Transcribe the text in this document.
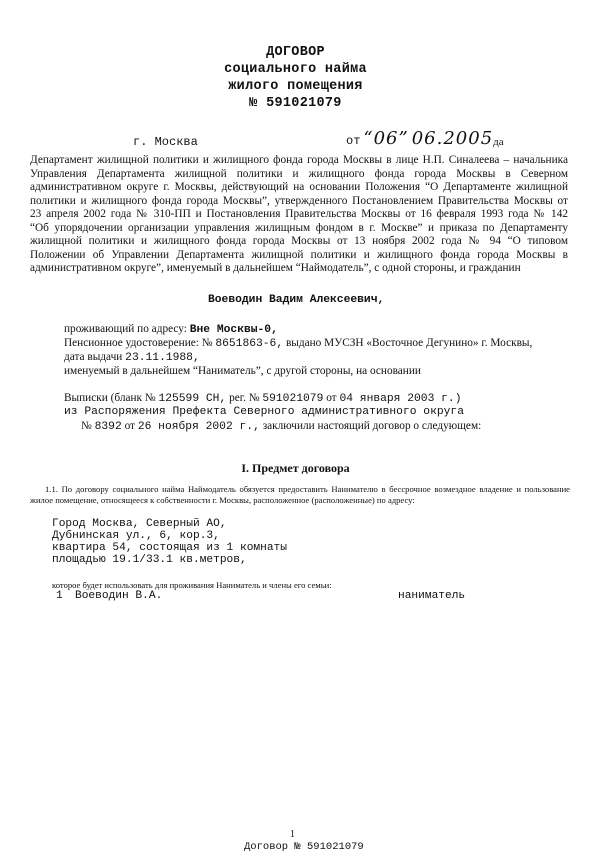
ДОГОВОР
социального найма
жилого помещения
№ 591021079
г. Москва	от “06” 06.2005да
Департамент жилищной политики и жилищного фонда города Москвы в лице Н.П. Синалеева – начальника
Управления Департамента жилищной политики и жилищного фонда города Москвы в Северном
административном округе г. Москвы, действующий на основании Положения “О Департаменте жилищной
политики и жилищного фонда города Москвы”, утвержденного Постановлением Правительства Москвы от
23 апреля 2002 года № 310-ПП и Постановления Правительства Москвы от 16 февраля 1993 года № 142
“Об упорядочении организации управления жилищным фондом в г. Москве” и приказа по Департаменту
жилищной политики и жилищного фонда города Москвы от 13 ноября 2002 года № 94 “О типовом
Положении об Управлении Департамента жилищной политики и жилищного фонда города Москвы в
административном округе”, именуемый в дальнейшем “Наймодатель”, с одной стороны, и гражданин
Воеводин Вадим Алексеевич,
проживающий по адресу: Вне Москвы-0,
Пенсионное удостоверение: № 8651863-6, выдано МУСЗН «Восточное Дегунино» г. Москвы,
дата выдачи 23.11.1988,
именуемый в дальнейшем “Наниматель”, с другой стороны, на основании
Выписки (бланк № 125599 СН, рег. № 591021079 от 04 января 2003 г.)
из Распоряжения Префекта Северного административного округа
№ 8392 от 26 ноября 2002 г., заключили настоящий договор о следующем:
I. Предмет договора
1.1. По договору социального найма Наймодатель обязуется предоставить Нанимателю в бессрочное возмездное владение и пользование
жилое помещение, относящееся к собственности г. Москвы, расположенное (расположенные) по адресу:
Город Москва, Северный АО,
Дубнинская ул., 6, кор.3,
квартира 54, состоящая из 1 комнаты
площадью 19.1/33.1 кв.метров,
которое будет использовать для проживания Наниматель и члены его семьи:
1 Воеводин В.А.	наниматель
1
Договор № 591021079
